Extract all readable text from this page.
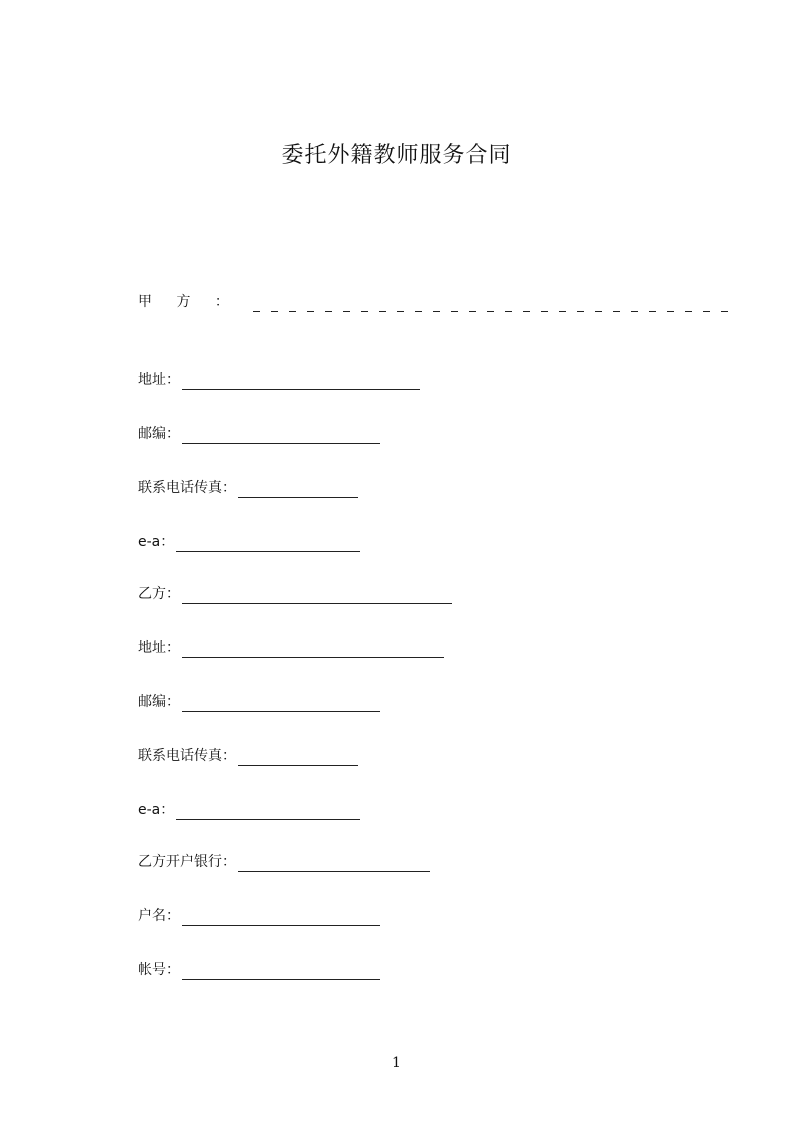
委托外籍教师服务合同
甲 方 ：
地址：
邮编：
联系电话传真：
e-a：
乙方：
地址：
邮编：
联系电话传真：
e-a：
乙方开户银行：
户名：
帐号：
1
